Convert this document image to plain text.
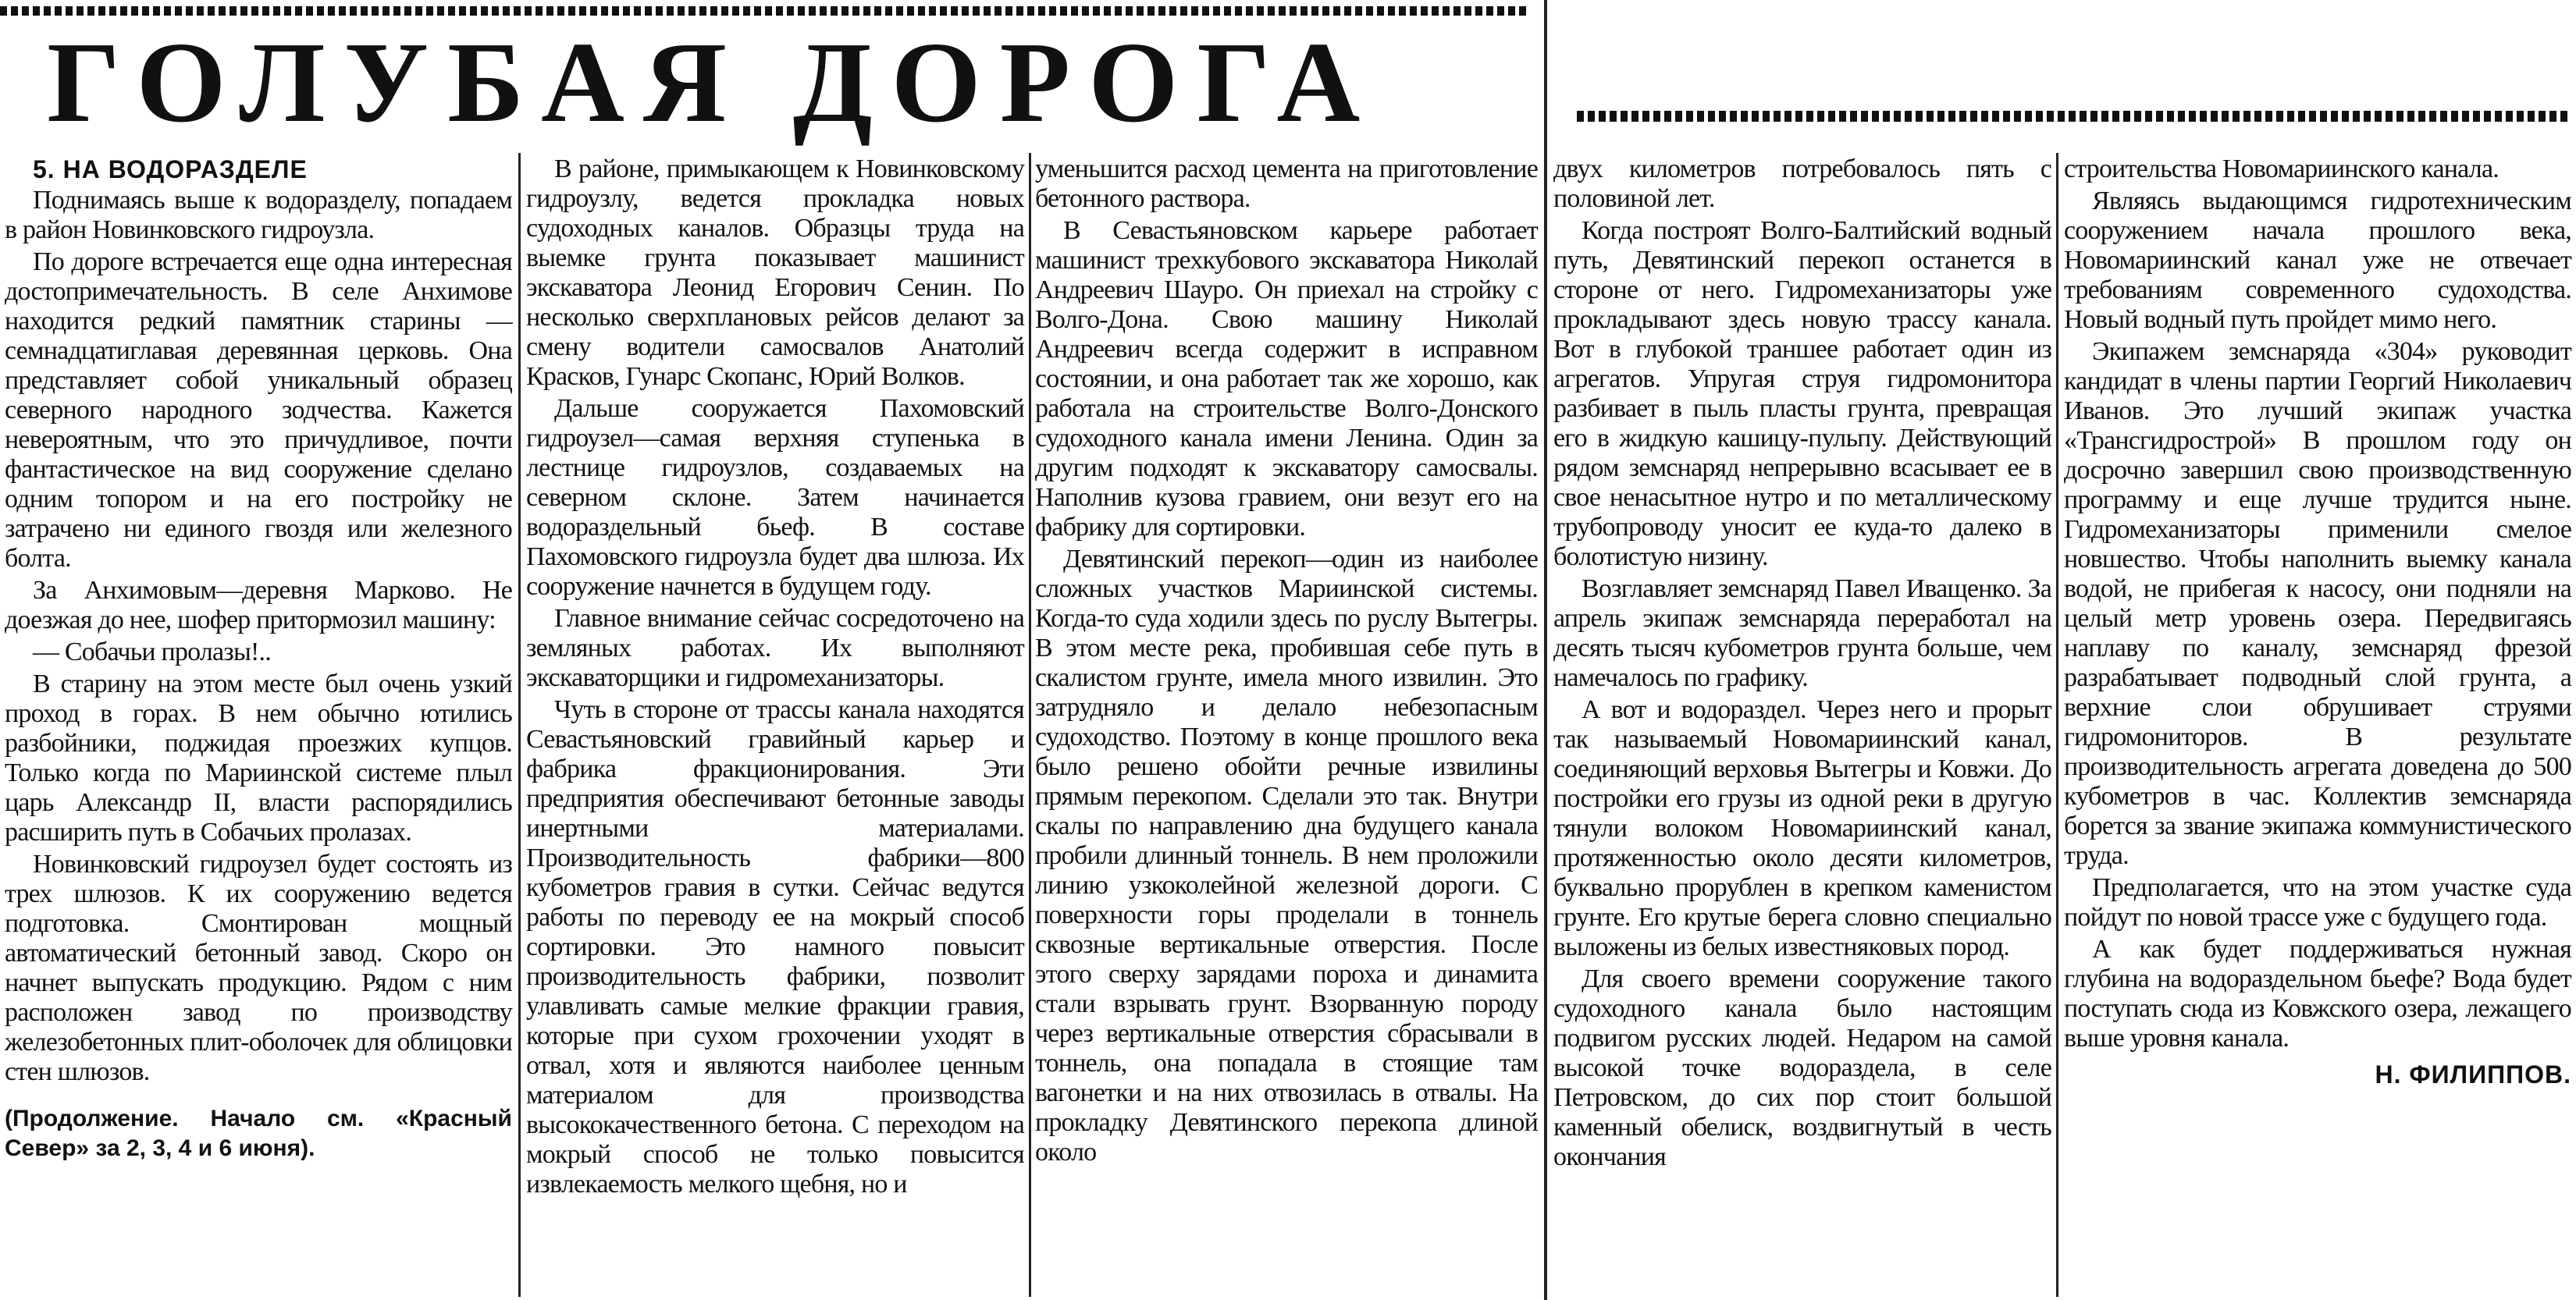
ГОЛУБАЯ ДОРОГА
5. НА ВОДОРАЗДЕЛЕ

Поднимаясь выше к водоразделу, попадаем в район Новинковского гидроузла.

По дороге встречается еще одна интересная достопримечательность. В селе Анхимове находится редкий памятник старины — семнадцатиглавая деревянная церковь. Она представляет собой уникальный образец северного народного зодчества. Кажется невероятным, что это причудливое, почти фантастическое на вид сооружение сделано одним топором и на его постройку не затрачено ни единого гвоздя или железного болта.

За Анхимовым—деревня Марково. Не доезжая до нее, шофер притормозил машину:

— Собачьи пролазы!..

В старину на этом месте был очень узкий проход в горах. В нем обычно ютились разбойники, поджидая проезжих купцов. Только когда по Мариинской системе плыл царь Александр II, власти распорядились расширить путь в Собачьих пролазах.

Новинковский гидроузел будет состоять из трех шлюзов. К их сооружению ведется подготовка. Смонтирован мощный автоматический бетонный завод. Скоро он начнет выпускать продукцию. Рядом с ним расположен завод по производству железобетонных плит-оболочек для облицовки стен шлюзов.

(Продолжение. Начало см. «Красный Север» за 2, 3, 4 и 6 июня).

В районе, примыкающем к Новинковскому гидроузлу, ведется прокладка новых судоходных каналов. Образцы труда на выемке грунта показывает машинист экскаватора Леонид Егорович Сенин. По несколько сверхплановых рейсов делают за смену водители самосвалов Анатолий Красков, Гунарс Скопанс, Юрий Волков.

Дальше сооружается Пахомовский гидроузел—самая верхняя ступенька в лестнице гидроузлов, создаваемых на северном склоне. Затем начинается водораздельный бьеф. В составе Пахомовского гидроузла будет два шлюза. Их сооружение начнется в будущем году.

Главное внимание сейчас сосредоточено на земляных работах. Их выполняют экскаваторщики и гидромеханизаторы.

Чуть в стороне от трассы канала находятся Севастьяновский гравийный карьер и фабрика фракционирования. Эти предприятия обеспечивают бетонные заводы инертными материалами. Производительность фабрики—800 кубометров гравия в сутки. Сейчас ведутся работы по переводу ее на мокрый способ сортировки. Это намного повысит производительность фабрики, позволит улавливать самые мелкие фракции гравия, которые при сухом грохочении уходят в отвал, хотя и являются наиболее ценным материалом для производства высококачественного бетона. С переходом на мокрый способ не только повысится извлекаемость мелкого щебня, но и

уменьшится расход цемента на приготовление бетонного раствора.

В Севастьяновском карьере работает машинист трехкубового экскаватора Николай Андреевич Шауро. Он приехал на стройку с Волго-Дона. Свою машину Николай Андреевич всегда содержит в исправном состоянии, и она работает так же хорошо, как работала на строительстве Волго-Донского судоходного канала имени Ленина. Один за другим подходят к экскаватору самосвалы. Наполнив кузова гравием, они везут его на фабрику для сортировки.

Девятинский перекоп—один из наиболее сложных участков Мариинской системы. Когда-то суда ходили здесь по руслу Вытегры. В этом месте река, пробившая себе путь в скалистом грунте, имела много извилин. Это затрудняло и делало небезопасным судоходство. Поэтому в конце прошлого века было решено обойти речные извилины прямым перекопом. Сделали это так. Внутри скалы по направлению дна будущего канала пробили длинный тоннель. В нем проложили линию узкоколейной железной дороги. С поверхности горы проделали в тоннель сквозные вертикальные отверстия. После этого сверху зарядами пороха и динамита стали взрывать грунт. Взорванную породу через вертикальные отверстия сбрасывали в тоннель, она попадала в стоящие там вагонетки и на них отвозилась в отвалы. На прокладку Девятинского перекопа длиной около

двух километров потребовалось пять с половиной лет.

Когда построят Волго-Балтийский водный путь, Девятинский перекоп останется в стороне от него. Гидромеханизаторы уже прокладывают здесь новую трассу канала. Вот в глубокой траншее работает один из агрегатов. Упругая струя гидромонитора разбивает в пыль пласты грунта, превращая его в жидкую кашицу-пульпу. Действующий рядом земснаряд непрерывно всасывает ее в свое ненасытное нутро и по металлическому трубопроводу уносит ее куда-то далеко в болотистую низину.

Возглавляет земснаряд Павел Иващенко. За апрель экипаж земснаряда переработал на десять тысяч кубометров грунта больше, чем намечалось по графику.

А вот и водораздел. Через него и прорыт так называемый Новомариинский канал, соединяющий верховья Вытегры и Ковжи. До постройки его грузы из одной реки в другую тянули волоком Новомариинский канал, протяженностью около десяти километров, буквально прорублен в крепком каменистом грунте. Его крутые берега словно специально выложены из белых известняковых пород.

Для своего времени сооружение такого судоходного канала было настоящим подвигом русских людей. Недаром на самой высокой точке водораздела, в селе Петровском, до сих пор стоит большой каменный обелиск, воздвигнутый в честь окончания

строительства Новомариинского канала.

Являясь выдающимся гидротехническим сооружением начала прошлого века, Новомариинский канал уже не отвечает требованиям современного судоходства. Новый водный путь пройдет мимо него.

Экипажем земснаряда «304» руководит кандидат в члены партии Георгий Николаевич Иванов. Это лучший экипаж участка «Трансгидрострой» В прошлом году он досрочно завершил свою производственную программу и еще лучше трудится ныне. Гидромеханизаторы применили смелое новшество. Чтобы наполнить выемку канала водой, не прибегая к насосу, они подняли на целый метр уровень озера. Передвигаясь наплаву по каналу, земснаряд фрезой разрабатывает подводный слой грунта, а верхние слои обрушивает струями гидромониторов. В результате производительность агрегата доведена до 500 кубометров в час. Коллектив земснаряда борется за звание экипажа коммунистического труда.

Предполагается, что на этом участке суда пойдут по новой трассе уже с будущего года.

А как будет поддерживаться нужная глубина на водораздельном бьефе? Вода будет поступать сюда из Ковжского озера, лежащего выше уровня канала.

Н. ФИЛИППОВ.
